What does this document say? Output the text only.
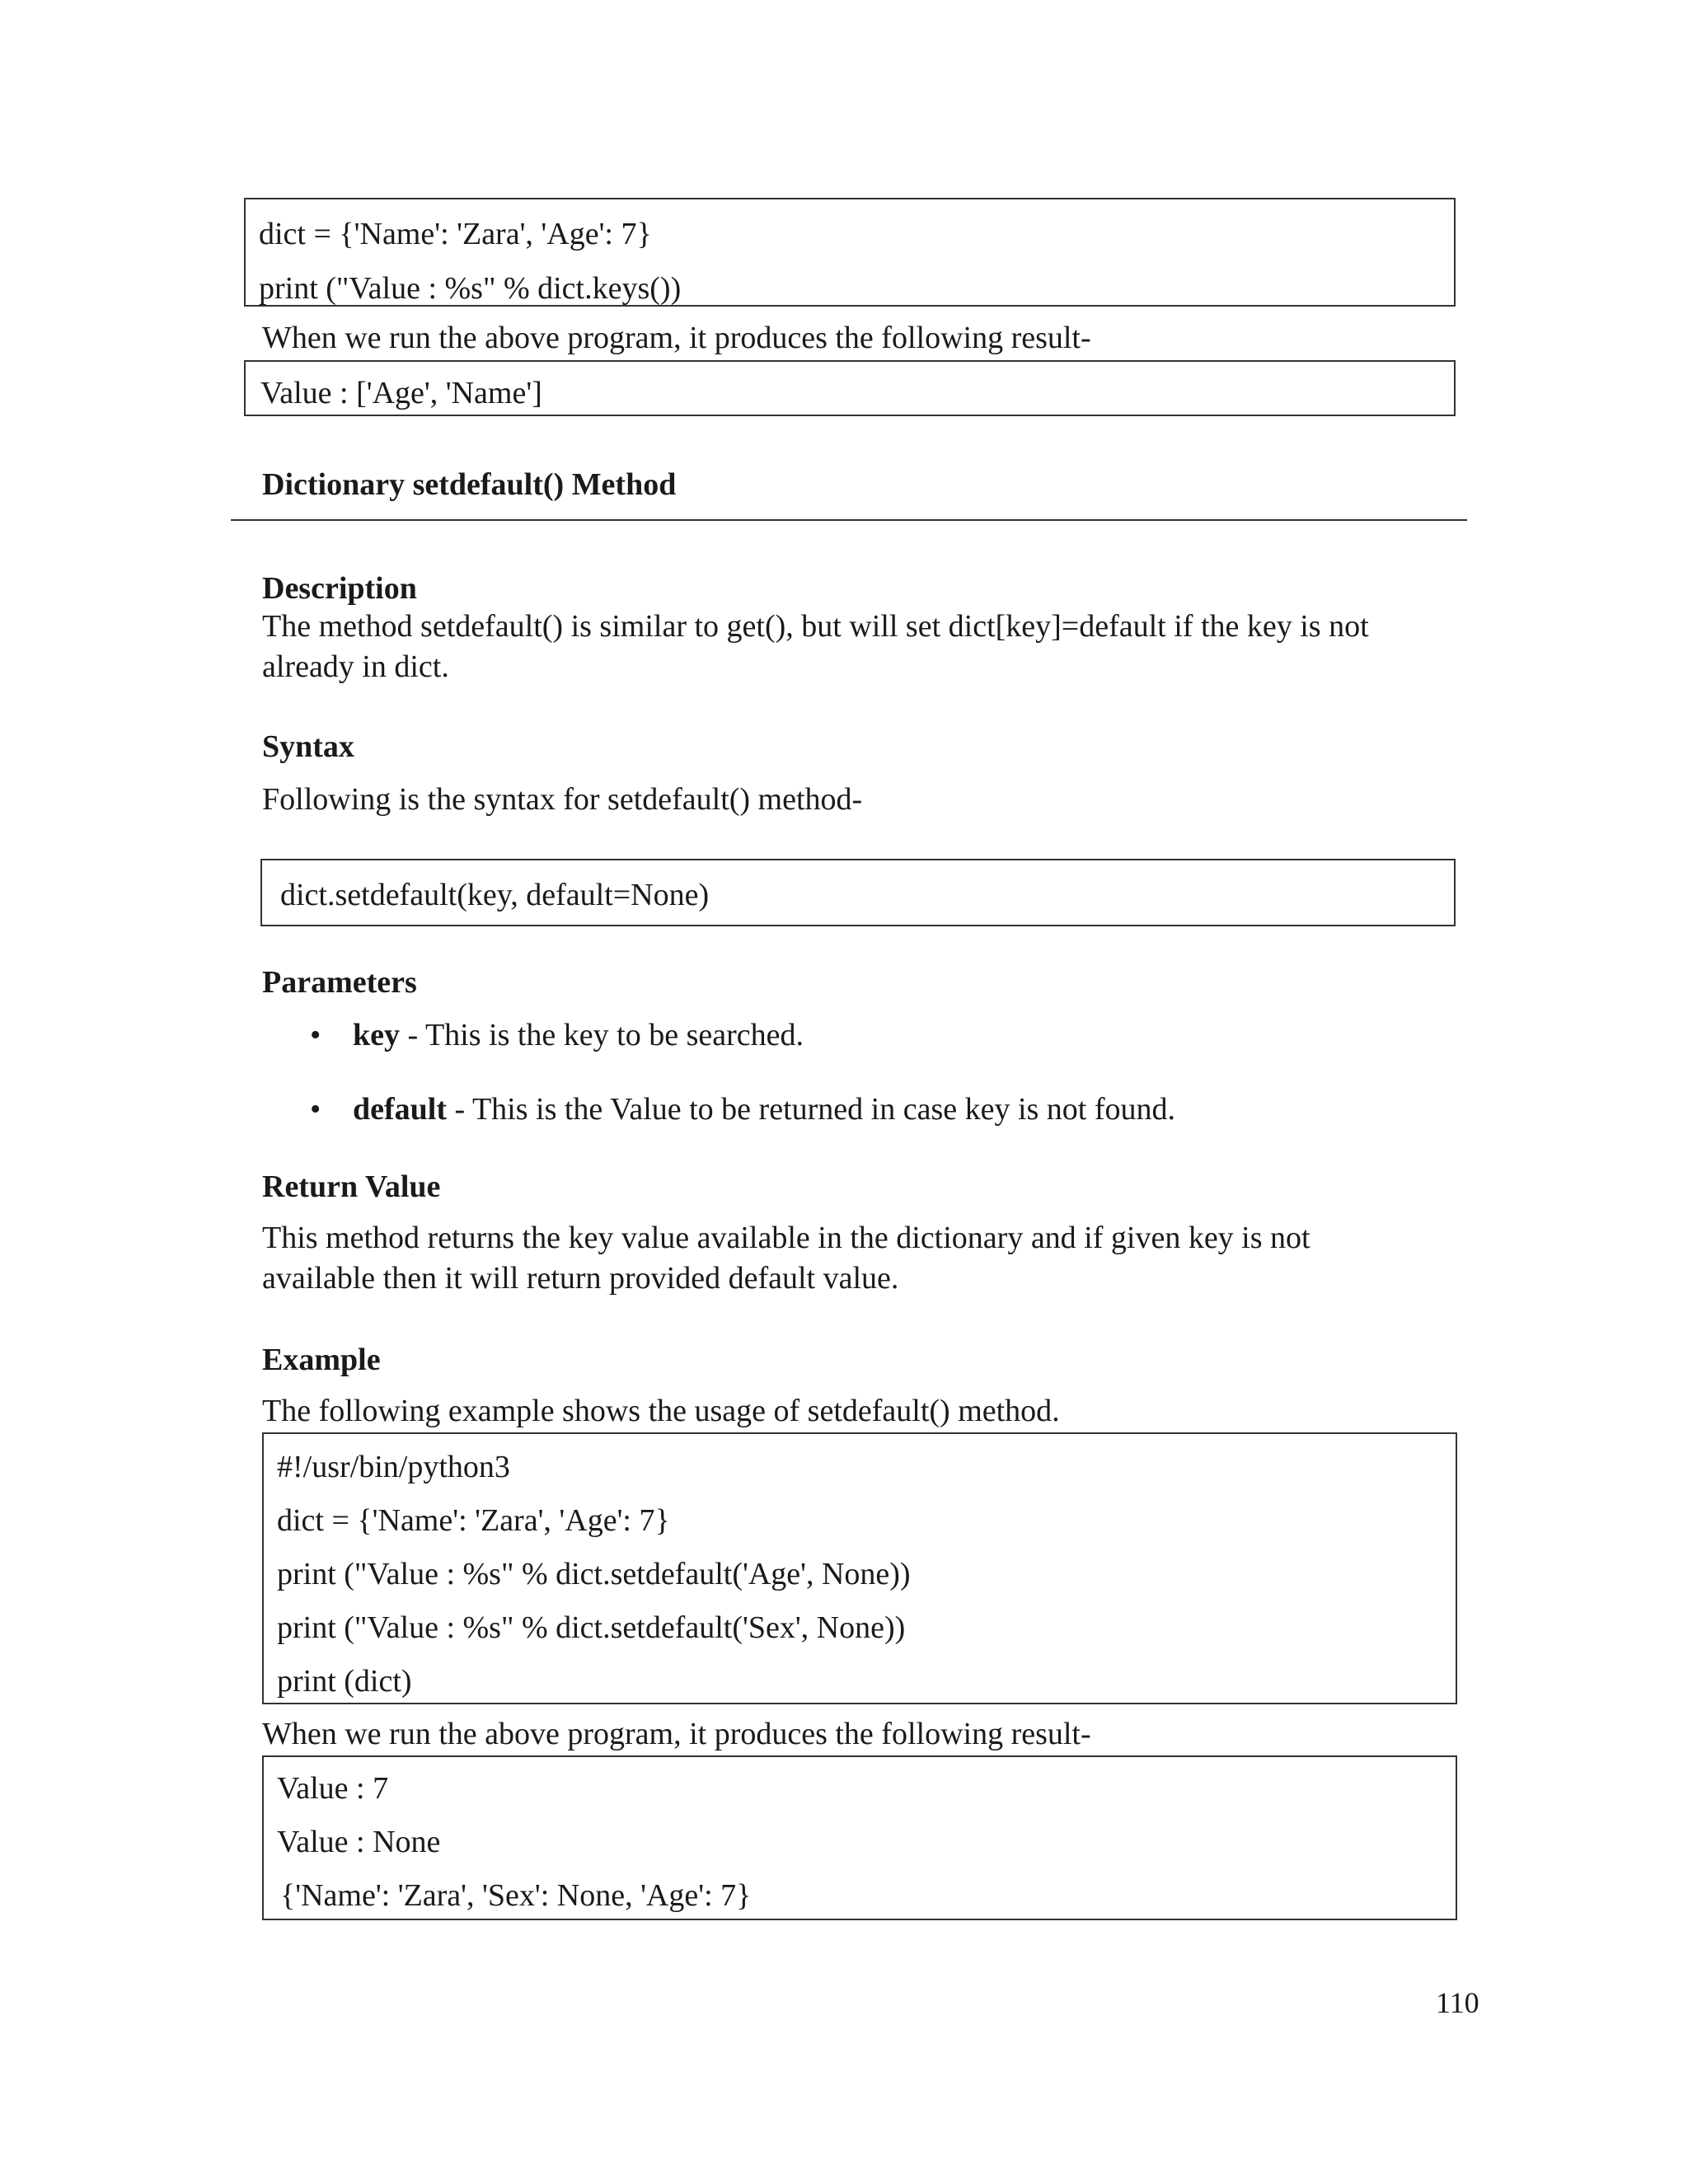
dict = {'Name': 'Zara', 'Age': 7}
print ("Value : %s" % dict.keys())
When we run the above program, it produces the following result-
Value : ['Age', 'Name']
Dictionary setdefault() Method
Description
The method setdefault() is similar to get(), but will set dict[key]=default if the key is not already in dict.
Syntax
Following is the syntax for setdefault() method-
dict.setdefault(key, default=None)
Parameters
• key - This is the key to be searched.
• default - This is the Value to be returned in case key is not found.
Return Value
This method returns the key value available in the dictionary and if given key is not available then it will return provided default value.
Example
The following example shows the usage of setdefault() method.
#!/usr/bin/python3
dict = {'Name': 'Zara', 'Age': 7}
print ("Value : %s" % dict.setdefault('Age', None))
print ("Value : %s" % dict.setdefault('Sex', None))
print (dict)
When we run the above program, it produces the following result-
Value : 7
Value : None
{'Name': 'Zara', 'Sex': None, 'Age': 7}
110
